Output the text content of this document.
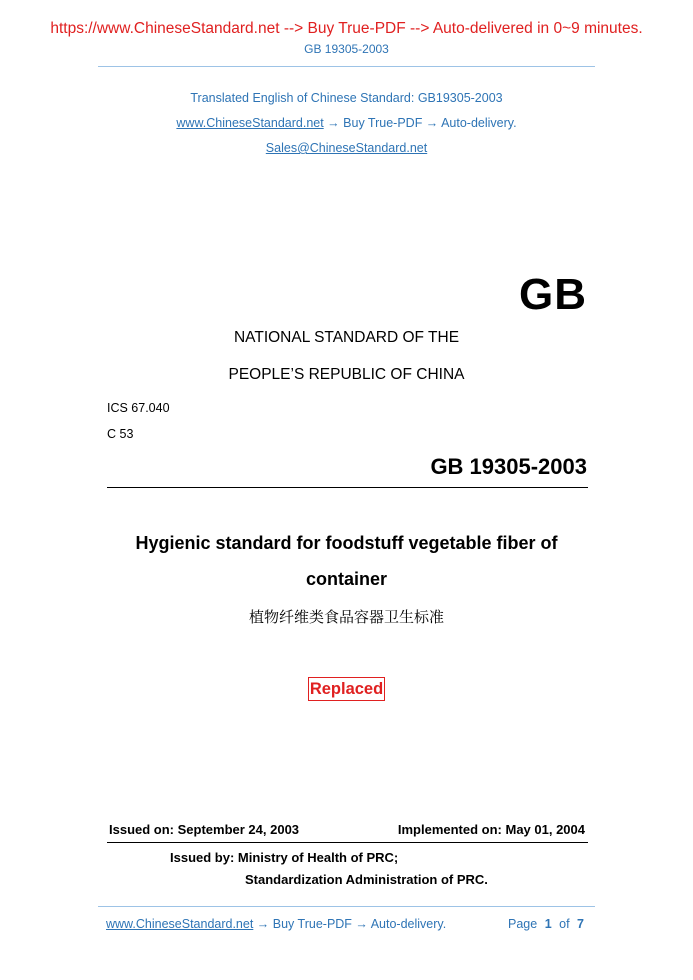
https://www.ChineseStandard.net --> Buy True-PDF --> Auto-delivered in 0~9 minutes.
GB 19305-2003
Translated English of Chinese Standard: GB19305-2003
www.ChineseStandard.net → Buy True-PDF → Auto-delivery.
Sales@ChineseStandard.net
GB
NATIONAL STANDARD OF THE
PEOPLE’S REPUBLIC OF CHINA
ICS 67.040
C 53
GB 19305-2003
Hygienic standard for foodstuff vegetable fiber of
container
植物纤维类食品容器卫生标准
Replaced
Issued on: September 24, 2003	Implemented on: May 01, 2004
Issued by: Ministry of Health of PRC;
Standardization Administration of PRC.
www.ChineseStandard.net → Buy True-PDF → Auto-delivery.	Page 1 of 7
